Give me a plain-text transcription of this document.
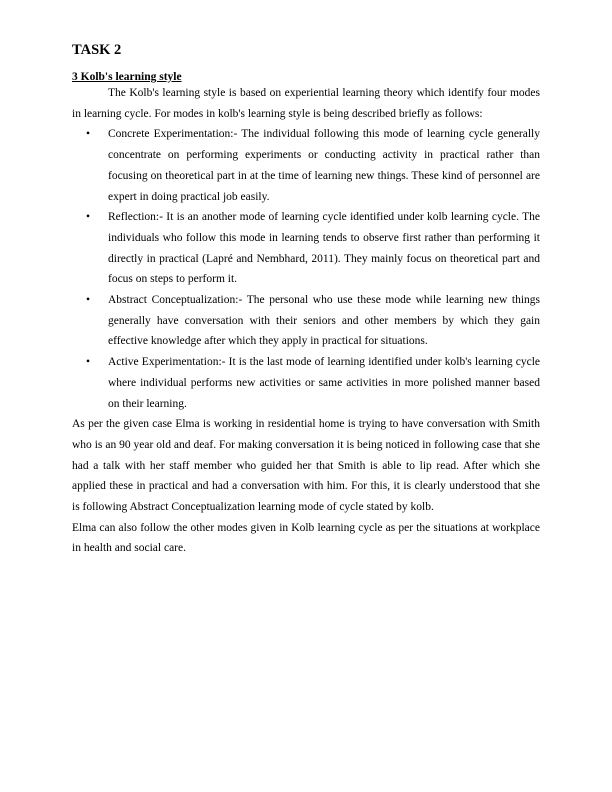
TASK 2
3 Kolb's learning style

The Kolb's learning style is based on experiential learning theory which identify four modes in learning cycle. For modes in kolb's learning style is being described briefly as follows:

• Concrete Experimentation:- The individual following this mode of learning cycle generally concentrate on performing experiments or conducting activity in practical rather than focusing on theoretical part in at the time of learning new things. These kind of personnel are expert in doing practical job easily.
• Reflection:- It is an another mode of learning cycle identified under kolb learning cycle. The individuals who follow this mode in learning tends to observe first rather than performing it directly in practical (Lapré and Nembhard, 2011). They mainly focus on theoretical part and focus on steps to perform it.
• Abstract Conceptualization:- The personal who use these mode while learning new things generally have conversation with their seniors and other members by which they gain effective knowledge after which they apply in practical for situations.
• Active Experimentation:- It is the last mode of learning identified under kolb's learning cycle where individual performs new activities or same activities in more polished manner based on their learning.

As per the given case Elma is working in residential home is trying to have conversation with Smith who is an 90 year old and deaf. For making conversation it is being noticed in following case that she had a talk with her staff member who guided her that Smith is able to lip read. After which she applied these in practical and had a conversation with him. For this, it is clearly understood that she is following Abstract Conceptualization learning mode of cycle stated by kolb.

Elma can also follow the other modes given in Kolb learning cycle as per the situations at workplace in health and social care.
